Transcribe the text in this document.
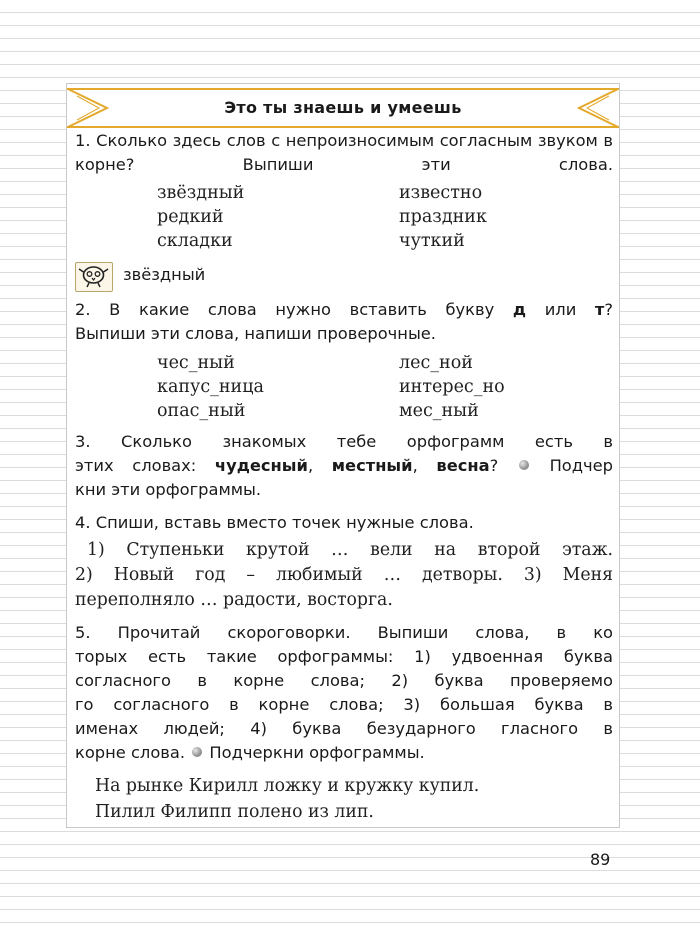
Это ты знаешь и умеешь
1. Сколько здесь слов с непроизносимым согласным звуком в корне? Выпиши эти слова.
звёздный	известно
редкий	праздник
складки	чуткий
звёздный
2. В какие слова нужно вставить букву д или т?
Выпиши эти слова, напиши проверочные.
чес_ный	лес_ной
капус_ница	интерес_но
опас_ный	мес_ный
3. Сколько знакомых тебе орфограмм есть в
этих словах: чудесный, местный, весна?	Подчер
кни эти орфограммы.
4. Спиши, вставь вместо точек нужные слова.
1) Ступеньки крутой … вели на второй этаж.
2) Новый год – любимый … детворы. 3) Меня
переполняло … радости, восторга.
5. Прочитай скороговорки. Выпиши слова, в ко
торых есть такие орфограммы: 1) удвоенная буква
согласного в корне слова; 2) буква проверяемо
го согласного в корне слова; 3) большая буква в
именах людей; 4) буква безударного гласного в
корне слова. Подчеркни орфограммы.
На рынке Кирилл ложку и кружку купил.
Пилил Филипп полено из лип.
89
